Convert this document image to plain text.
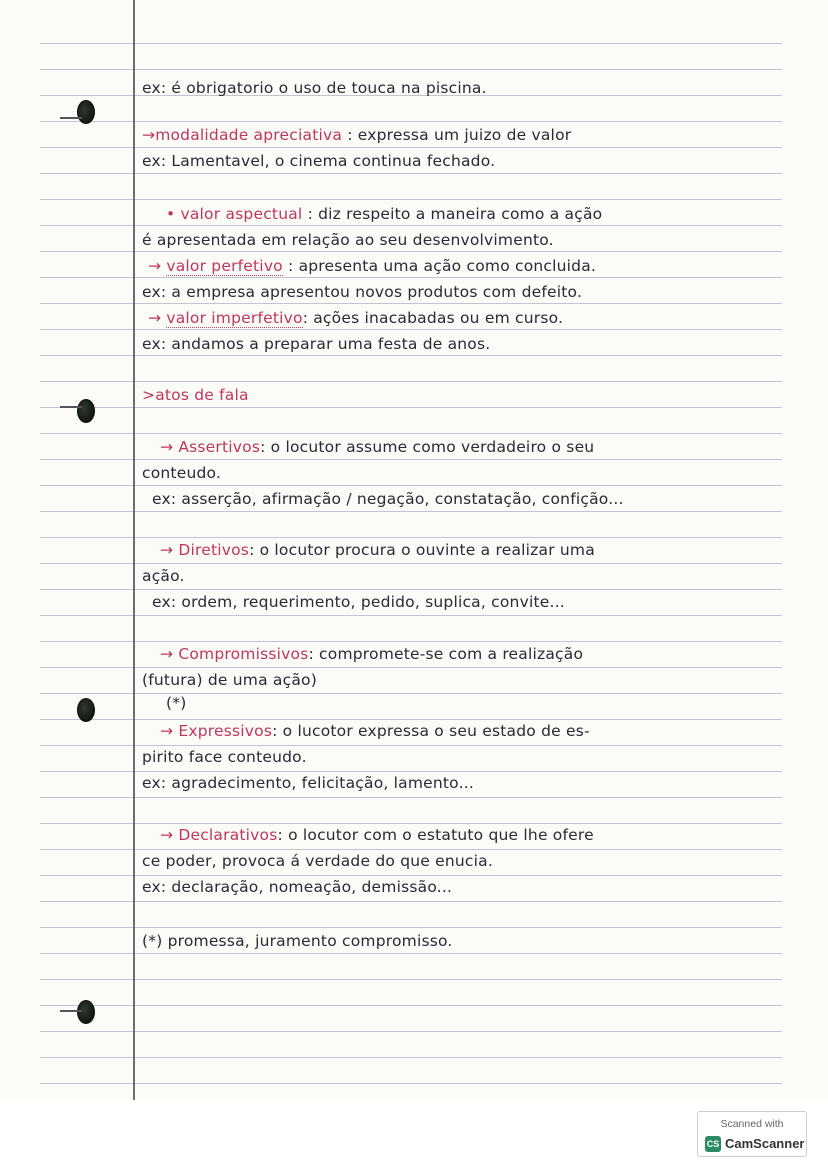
ex: é obrigatorio o uso de touca na piscina.
→modalidade apreciativa : expressa um juizo de valor
ex: Lamentavel, o cinema continua fechado.
• valor aspectual : diz respeito a maneira como a ação
é apresentada em relação ao seu desenvolvimento.
→ valor perfetivo : apresenta uma ação como concluida.
ex: a empresa apresentou novos produtos com defeito.
→ valor imperfetivo: ações inacabadas ou em curso.
ex: andamos a preparar uma festa de anos.
>atos de fala
→ Assertivos: o locutor assume como verdadeiro o seu
conteudo.
ex: asserção, afirmação / negação, constatação, confição...
→ Diretivos: o locutor procura o ouvinte a realizar uma
ação.
ex: ordem, requerimento, pedido, suplica, convite...
→ Compromissivos: compromete-se com a realização
(futura) de uma ação)
(*)
→ Expressivos: o lucotor expressa o seu estado de es-
pirito face conteudo.
ex: agradecimento, felicitação, lamento...
→ Declarativos: o locutor com o estatuto que lhe ofere
ce poder, provoca á verdade do que enucia.
ex: declaração, nomeação, demissão...
(*) promessa, juramento compromisso.
Scanned with
CS CamScanner
